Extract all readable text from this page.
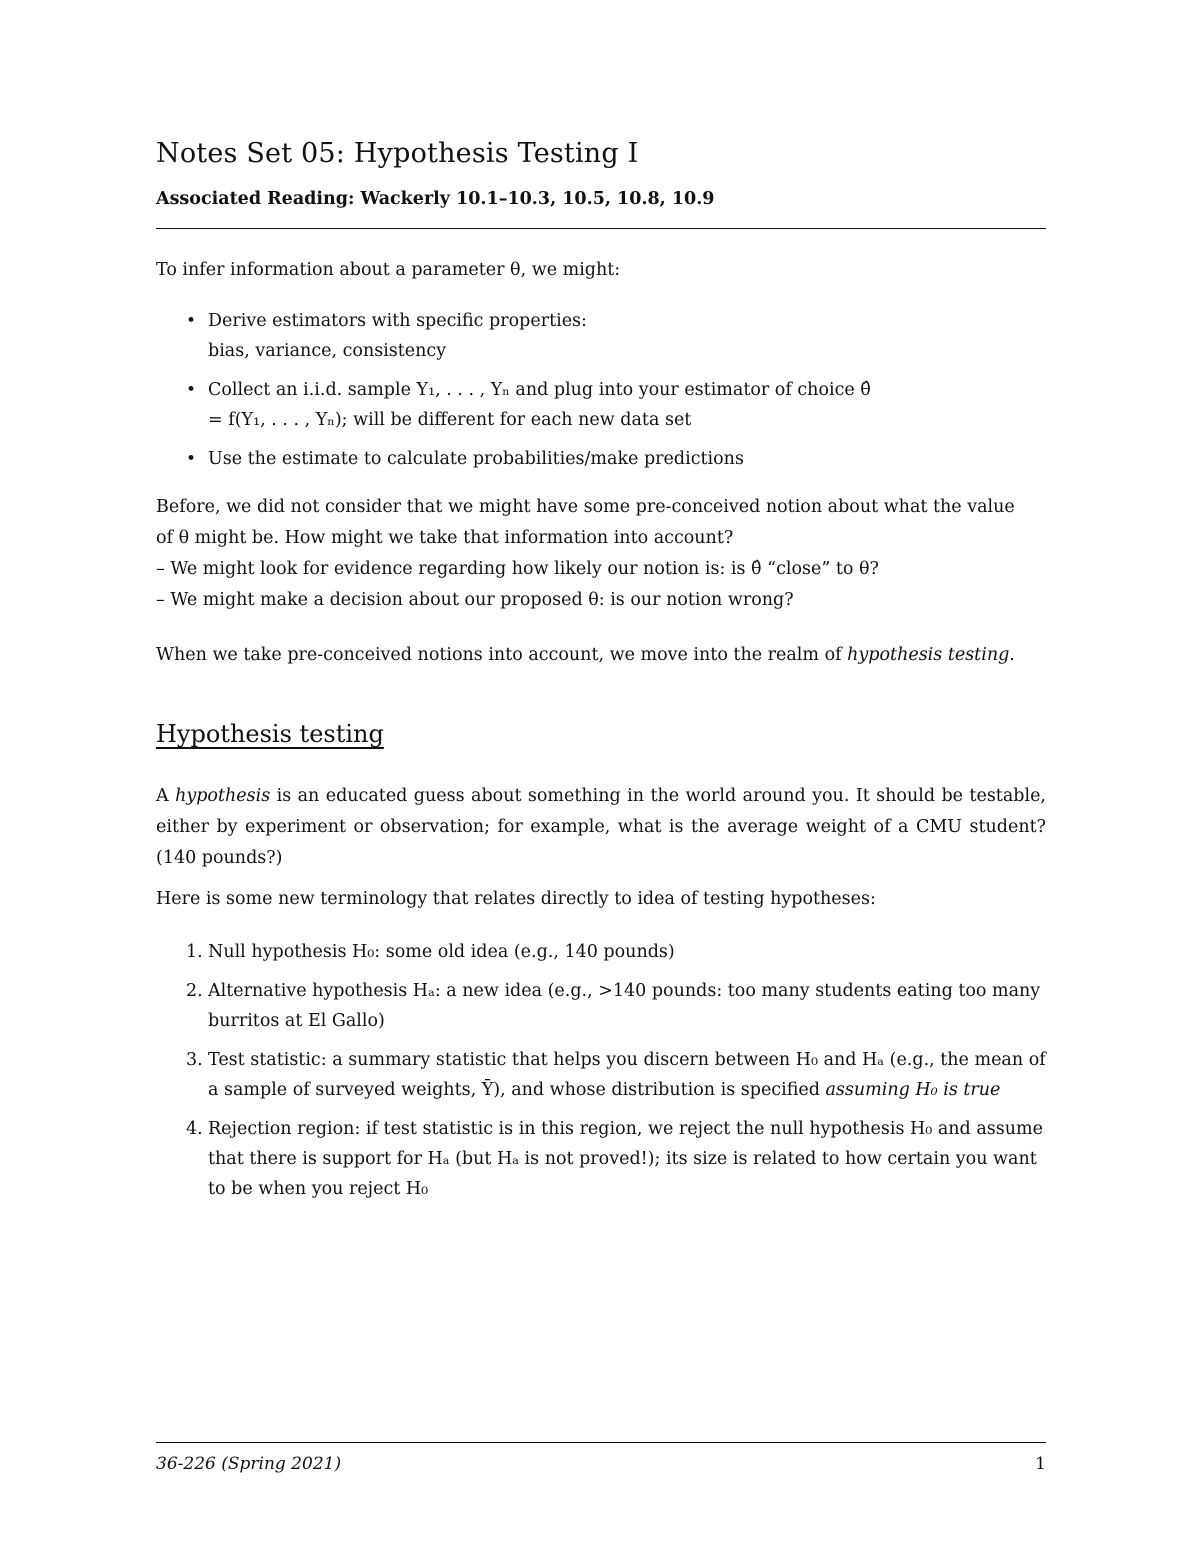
Notes Set 05: Hypothesis Testing I
Associated Reading: Wackerly 10.1–10.3, 10.5, 10.8, 10.9

To infer information about a parameter θ, we might:

• Derive estimators with specific properties:
bias, variance, consistency
• Collect an i.i.d. sample Y₁, . . . , Yₙ and plug into your estimator of choice θ̂
= f(Y₁, . . . , Yₙ); will be different for each new data set
• Use the estimate to calculate probabilities/make predictions

Before, we did not consider that we might have some pre-conceived notion about what the value
of θ might be. How might we take that information into account?
– We might look for evidence regarding how likely our notion is: is θ̂ “close” to θ?
– We might make a decision about our proposed θ: is our notion wrong?

When we take pre-conceived notions into account, we move into the realm of hypothesis testing.

Hypothesis testing

A hypothesis is an educated guess about something in the world around you. It should be testable, either by experiment or observation; for example, what is the average weight of a CMU student? (140 pounds?)

Here is some new terminology that relates directly to idea of testing hypotheses:

1. Null hypothesis H₀: some old idea (e.g., 140 pounds)
2. Alternative hypothesis Hₐ: a new idea (e.g., >140 pounds: too many students eating too many burritos at El Gallo)
3. Test statistic: a summary statistic that helps you discern between H₀ and Hₐ (e.g., the mean of a sample of surveyed weights, Ȳ), and whose distribution is specified assuming H₀ is true
4. Rejection region: if test statistic is in this region, we reject the null hypothesis H₀ and assume that there is support for Hₐ (but Hₐ is not proved!); its size is related to how certain you want to be when you reject H₀
36-226 (Spring 2021)	1
